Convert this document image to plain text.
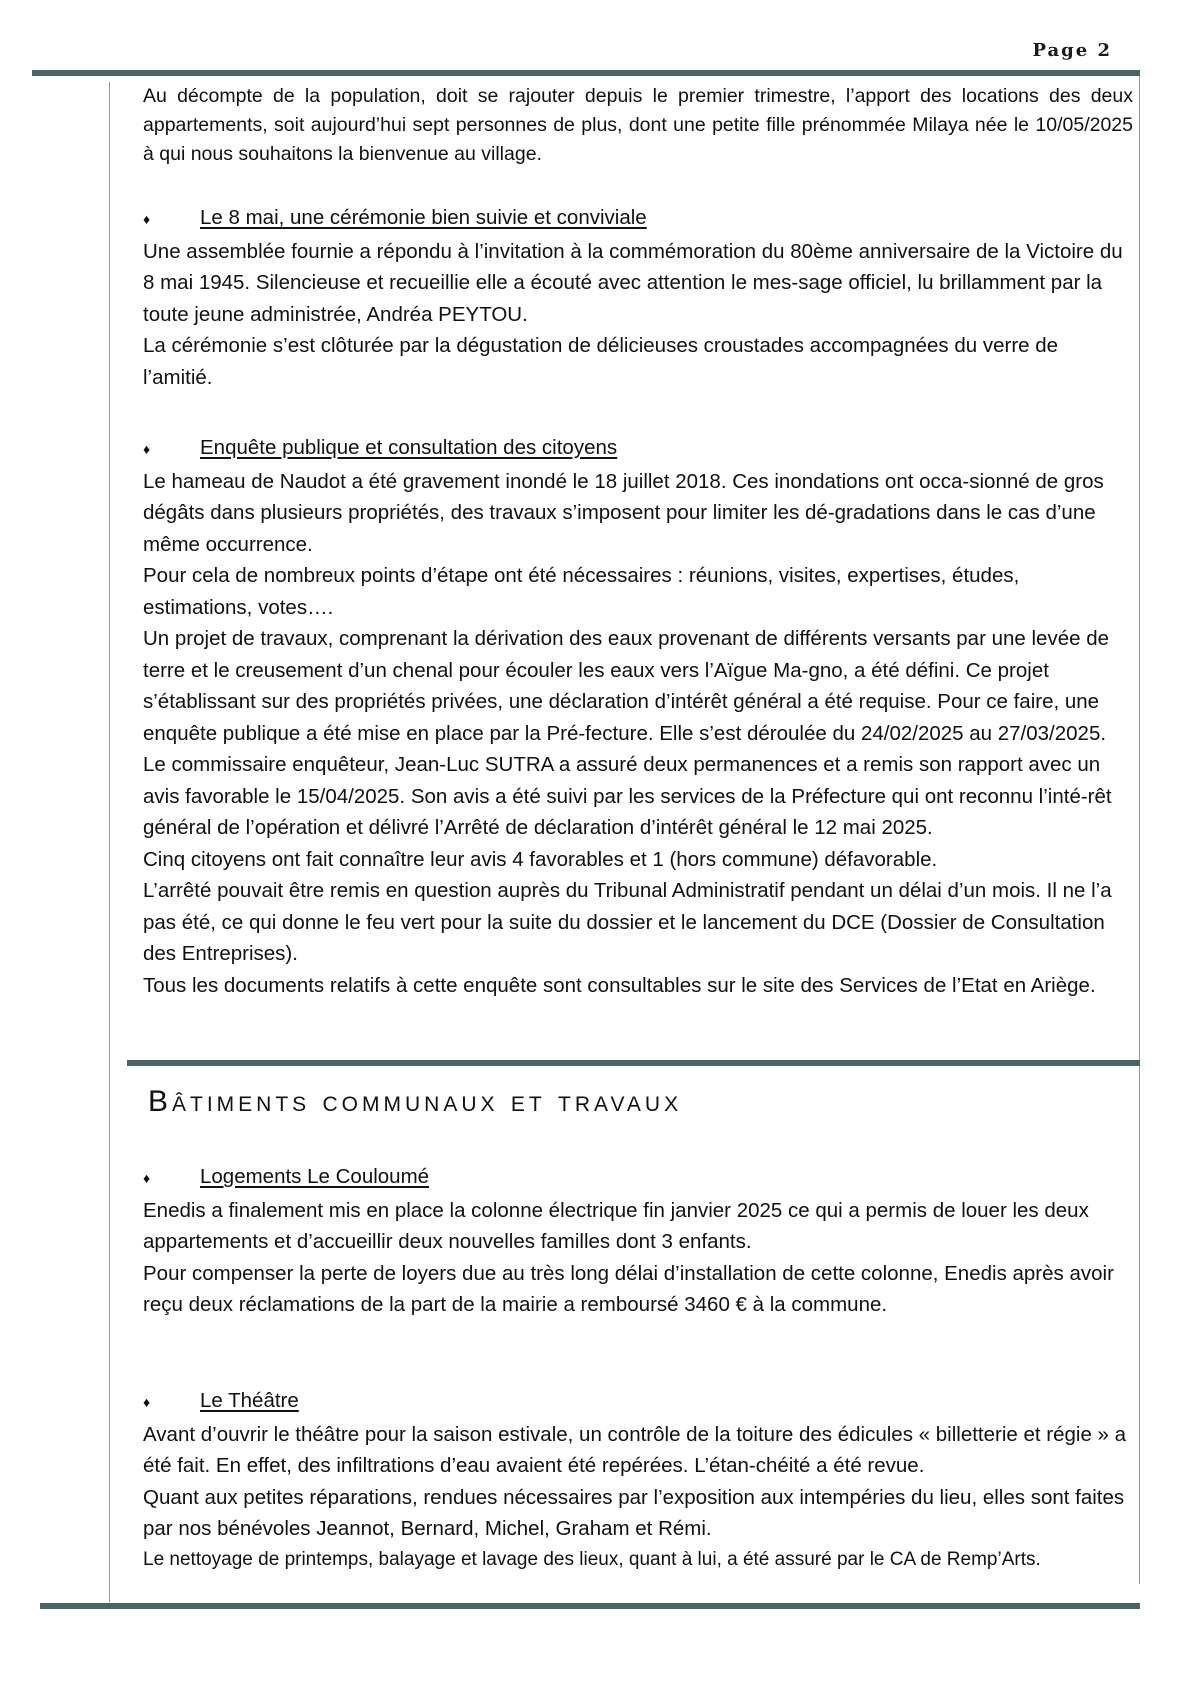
Page 2

Au décompte de la population, doit se rajouter depuis le premier trimestre, l’apport des locations des deux appartements, soit aujourd’hui sept personnes de plus, dont une petite fille prénommée Milaya née le 10/05/2025 à qui nous souhaitons la bienvenue au village.

♦	Le 8 mai, une cérémonie bien suivie et conviviale

Une assemblée fournie a répondu à l’invitation à la commémoration du 80ème anniversaire de la Victoire du 8 mai 1945. Silencieuse et recueillie elle a écouté avec attention le mes-sage officiel, lu brillamment par la toute jeune administrée, Andréa PEYTOU.

La cérémonie s’est clôturée par la dégustation de délicieuses croustades accompagnées du verre de l’amitié.

♦	Enquête publique et consultation des citoyens

Le hameau de Naudot a été gravement inondé le 18 juillet 2018. Ces inondations ont occa-sionné de gros dégâts dans plusieurs propriétés, des travaux s’imposent pour limiter les dé-gradations dans le cas d’une même occurrence.

Pour cela de nombreux points d’étape ont été nécessaires : réunions, visites, expertises, études, estimations, votes….

Un projet de travaux, comprenant la dérivation des eaux provenant de différents versants par une levée de terre et le creusement d’un chenal pour écouler les eaux vers l’Aïgue Ma-gno, a été défini. Ce projet s’établissant sur des propriétés privées, une déclaration d’intérêt général a été requise. Pour ce faire, une enquête publique a été mise en place par la Pré-fecture. Elle s’est déroulée du 24/02/2025 au 27/03/2025. Le commissaire enquêteur, Jean-Luc SUTRA a assuré deux permanences et a remis son rapport avec un avis favorable le 15/04/2025. Son avis a été suivi par les services de la Préfecture qui ont reconnu l’inté-rêt général de l’opération et délivré l’Arrêté de déclaration d’intérêt général le 12 mai 2025.

Cinq citoyens ont fait connaître leur avis 4 favorables et 1 (hors commune) défavorable.

L’arrêté pouvait être remis en question auprès du Tribunal Administratif pendant un délai d’un mois. Il ne l’a pas été, ce qui donne le feu vert pour la suite du dossier et le lancement du DCE (Dossier de Consultation des Entreprises).

Tous les documents relatifs à cette enquête sont consultables sur le site des Services de l’Etat en Ariège.

Bâtiments communaux et travaux
♦	Logements Le Couloumé

Enedis a finalement mis en place la colonne électrique fin janvier 2025 ce qui a permis de louer les deux appartements et d’accueillir deux nouvelles familles dont 3 enfants.

Pour compenser la perte de loyers due au très long délai d’installation de cette colonne, Enedis après avoir reçu deux réclamations de la part de la mairie a remboursé 3460 € à la commune.

♦	Le Théâtre

Avant d’ouvrir le théâtre pour la saison estivale, un contrôle de la toiture des édicules « billetterie et régie » a été fait. En effet, des infiltrations d’eau avaient été repérées. L’étan-chéité a été revue.

Quant aux petites réparations, rendues nécessaires par l’exposition aux intempéries du lieu, elles sont faites par nos bénévoles Jeannot, Bernard, Michel, Graham et Rémi.

Le nettoyage de printemps, balayage et lavage des lieux, quant à lui, a été assuré par le CA de Remp’Arts.
